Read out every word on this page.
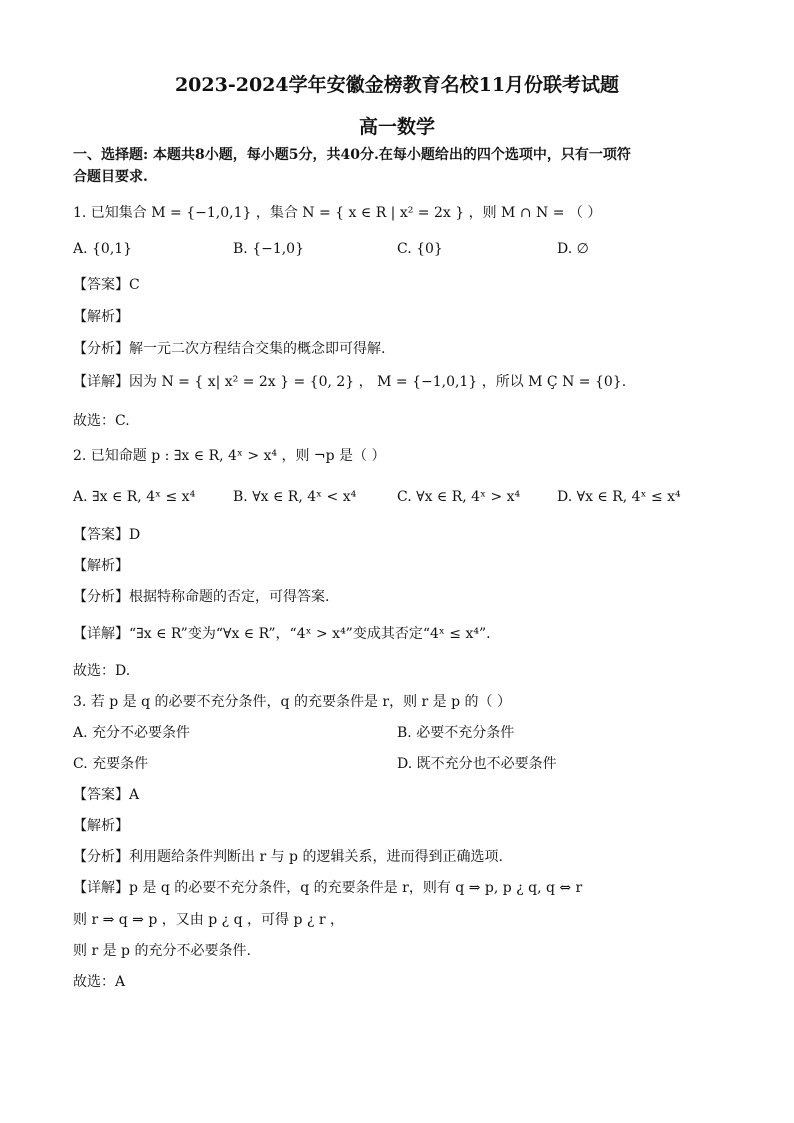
2023-2024学年安徽金榜教育名校11月份联考试题
高一数学
一、选择题: 本题共8小题，每小题5分，共40分.在每小题给出的四个选项中，只有一项符
合题目要求.
1. 已知集合 M = {−1,0,1} ，集合 N = { x ∈ R | x² = 2x } ，则 M ∩ N = （ ）
A. {0,1}	B. {−1,0}	C. {0}	D. ∅
【答案】C
【解析】
【分析】解一元二次方程结合交集的概念即可得解.
【详解】因为 N = { x| x² = 2x } = {0, 2} ， M = {−1,0,1} ，所以 M Ç N = {0}.
故选：C.
2. 已知命题 p : ∃x ∈ R, 4ˣ > x⁴ ，则 ¬p 是（ ）
A. ∃x ∈ R, 4ˣ ≤ x⁴	B. ∀x ∈ R, 4ˣ < x⁴	C. ∀x ∈ R, 4ˣ > x⁴	D. ∀x ∈ R, 4ˣ ≤ x⁴
【答案】D
【解析】
【分析】根据特称命题的否定，可得答案.
【详解】“∃x ∈ R”变为“∀x ∈ R”，“4ˣ > x⁴”变成其否定“4ˣ ≤ x⁴”.
故选：D.
3. 若 p 是 q 的必要不充分条件，q 的充要条件是 r，则 r 是 p 的（ ）
A. 充分不必要条件	B. 必要不充分条件
C. 充要条件	D. 既不充分也不必要条件
【答案】A
【解析】
【分析】利用题给条件判断出 r 与 p 的逻辑关系，进而得到正确选项.
【详解】p 是 q 的必要不充分条件，q 的充要条件是 r，则有 q ⇒ p, p ¿ q, q ⇔ r
则 r ⇒ q ⇒ p ，又由 p ¿ q ，可得 p ¿ r ，
则 r 是 p 的充分不必要条件.
故选：A
